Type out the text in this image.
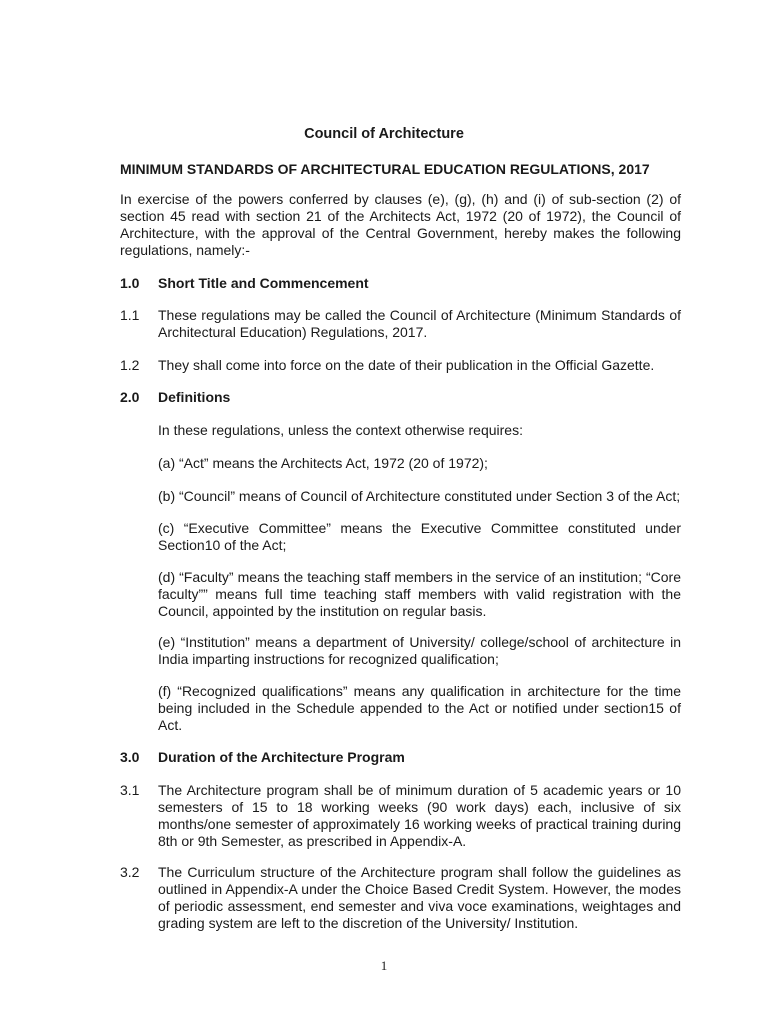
Council of Architecture
MINIMUM STANDARDS OF ARCHITECTURAL EDUCATION REGULATIONS, 2017
In exercise of the powers conferred by clauses (e), (g), (h) and (i) of sub-section (2) of section 45 read with section 21 of the Architects Act, 1972 (20 of 1972), the Council of Architecture, with the approval of the Central Government, hereby makes the following regulations, namely:-
1.0 Short Title and Commencement
1.1 These regulations may be called the Council of Architecture (Minimum Standards of Architectural Education) Regulations, 2017.
1.2 They shall come into force on the date of their publication in the Official Gazette.
2.0 Definitions
In these regulations, unless the context otherwise requires:
(a) “Act” means the Architects Act, 1972 (20 of 1972);
(b) “Council” means of Council of Architecture constituted under Section 3 of the Act;
(c) “Executive Committee” means the Executive Committee constituted under Section10 of the Act;
(d) “Faculty” means the teaching staff members in the service of an institution; “Core faculty”” means full time teaching staff members with valid registration with the Council, appointed by the institution on regular basis.
(e) “Institution” means a department of University/ college/school of architecture in India imparting instructions for recognized qualification;
(f) “Recognized qualifications” means any qualification in architecture for the time being included in the Schedule appended to the Act or notified under section15 of Act.
3.0 Duration of the Architecture Program
3.1 The Architecture program shall be of minimum duration of 5 academic years or 10 semesters of 15 to 18 working weeks (90 work days) each, inclusive of six months/one semester of approximately 16 working weeks of practical training during 8th or 9th Semester, as prescribed in Appendix-A.
3.2 The Curriculum structure of the Architecture program shall follow the guidelines as outlined in Appendix-A under the Choice Based Credit System. However, the modes of periodic assessment, end semester and viva voce examinations, weightages and grading system are left to the discretion of the University/ Institution.
1
